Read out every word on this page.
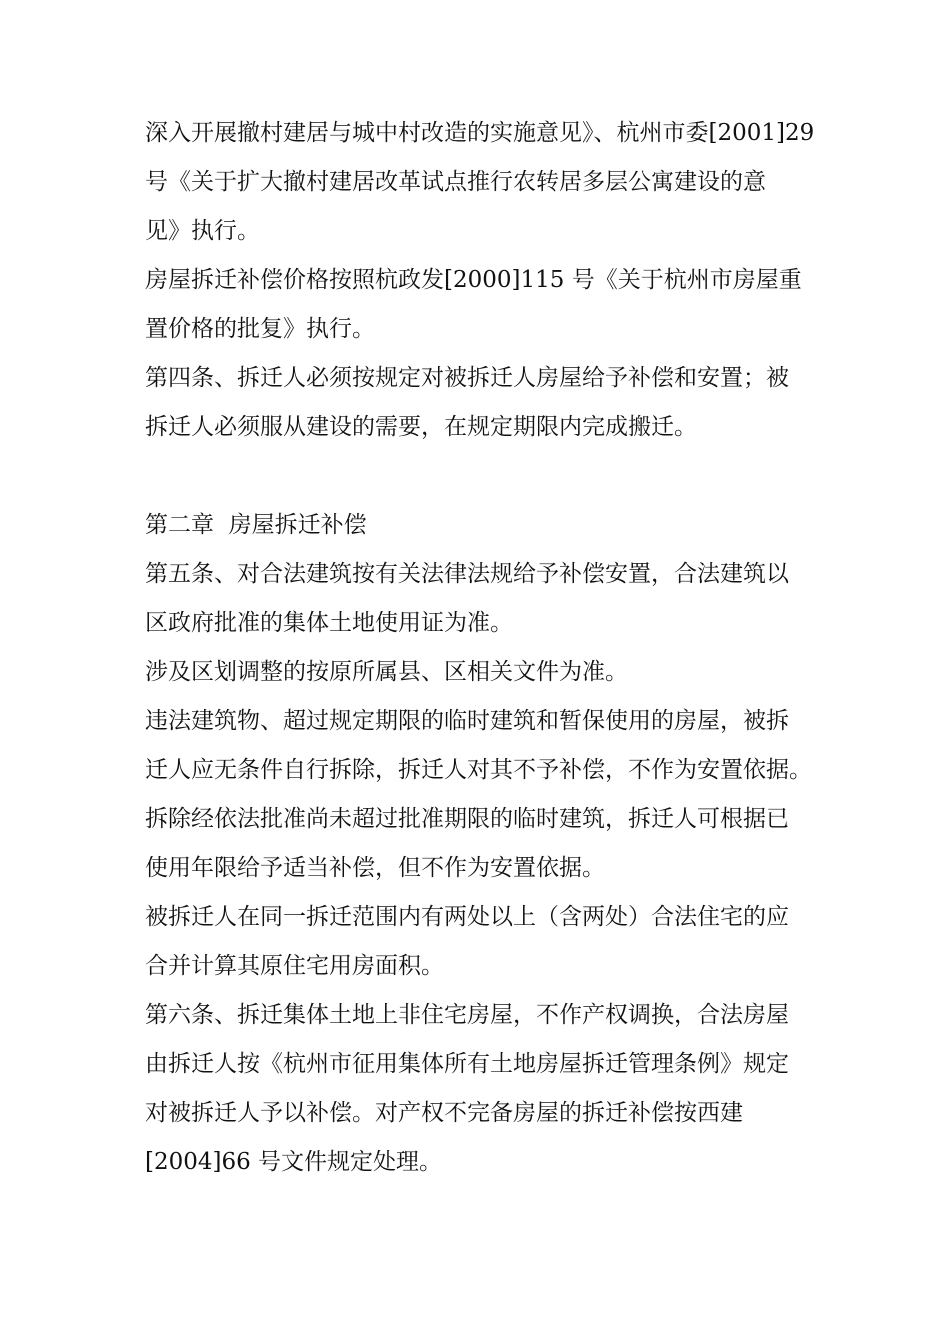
深入开展撤村建居与城中村改造的实施意见》、杭州市委[2001]29
号《关于扩大撤村建居改革试点推行农转居多层公寓建设的意
见》执行。

房屋拆迁补偿价格按照杭政发[2000]115 号《关于杭州市房屋重
置价格的批复》执行。

第四条、拆迁人必须按规定对被拆迁人房屋给予补偿和安置；被
拆迁人必须服从建设的需要，在规定期限内完成搬迁。

第二章  房屋拆迁补偿

第五条、对合法建筑按有关法律法规给予补偿安置，合法建筑以
区政府批准的集体土地使用证为准。

涉及区划调整的按原所属县、区相关文件为准。

违法建筑物、超过规定期限的临时建筑和暂保使用的房屋，被拆
迁人应无条件自行拆除，拆迁人对其不予补偿，不作为安置依据。

拆除经依法批准尚未超过批准期限的临时建筑，拆迁人可根据已
使用年限给予适当补偿，但不作为安置依据。

被拆迁人在同一拆迁范围内有两处以上（含两处）合法住宅的应
合并计算其原住宅用房面积。

第六条、拆迁集体土地上非住宅房屋，不作产权调换，合法房屋
由拆迁人按《杭州市征用集体所有土地房屋拆迁管理条例》规定
对被拆迁人予以补偿。对产权不完备房屋的拆迁补偿按西建
[2004]66 号文件规定处理。
